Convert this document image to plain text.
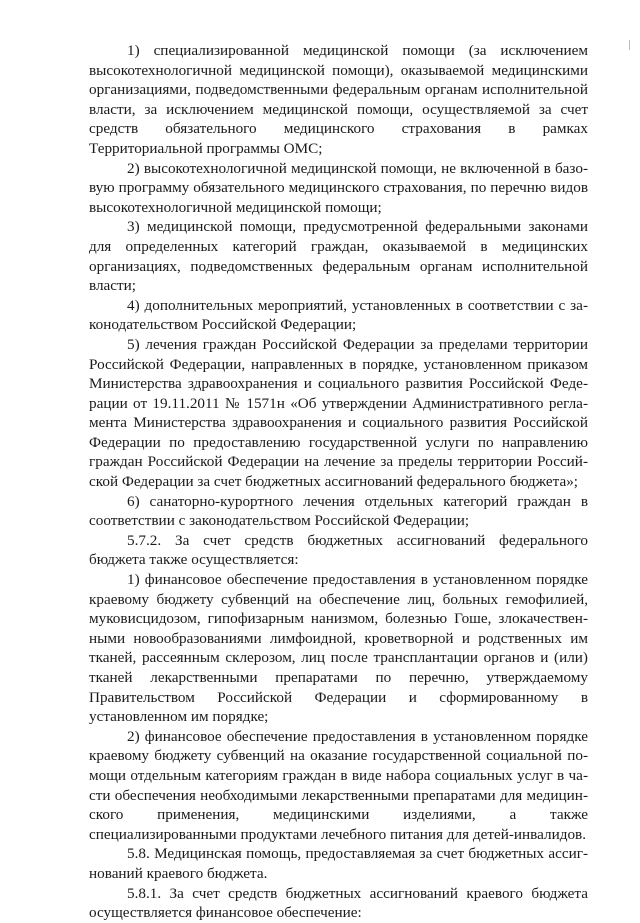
1) специализированной медицинской помощи (за исключением высокотехнологичной медицинской помощи), оказываемой медицинскими организациями, подведомственными федеральным органам исполнительной власти, за исключением медицинской помощи, осуществляемой за счет средств обязательного медицинского страхования в рамках Территориальной программы ОМС;

2) высокотехнологичной медицинской помощи, не включенной в базовую программу обязательного медицинского страхования, по перечню видов высокотехнологичной медицинской помощи;

3) медицинской помощи, предусмотренной федеральными законами для определенных категорий граждан, оказываемой в медицинских организациях, подведомственных федеральным органам исполнительной власти;

4) дополнительных мероприятий, установленных в соответствии с законодательством Российской Федерации;

5) лечения граждан Российской Федерации за пределами территории Российской Федерации, направленных в порядке, установленном приказом Министерства здравоохранения и социального развития Российской Федерации от 19.11.2011 № 1571н «Об утверждении Административного регламента Министерства здравоохранения и социального развития Российской Федерации по предоставлению государственной услуги по направлению граждан Российской Федерации на лечение за пределы территории Российской Федерации за счет бюджетных ассигнований федерального бюджета»;

6) санаторно-курортного лечения отдельных категорий граждан в соответствии с законодательством Российской Федерации;

5.7.2. За счет средств бюджетных ассигнований федерального бюджета также осуществляется:

1) финансовое обеспечение предоставления в установленном порядке краевому бюджету субвенций на обеспечение лиц, больных гемофилией, муковисцидозом, гипофизарным нанизмом, болезнью Гоше, злокачественными новообразованиями лимфоидной, кроветворной и родственных им тканей, рассеянным склерозом, лиц после трансплантации органов и (или) тканей лекарственными препаратами по перечню, утверждаемому Правительством Российской Федерации и сформированному в установленном им порядке;

2) финансовое обеспечение предоставления в установленном порядке краевому бюджету субвенций на оказание государственной социальной помощи отдельным категориям граждан в виде набора социальных услуг в части обеспечения необходимыми лекарственными препаратами для медицинского применения, медицинскими изделиями, а также специализированными продуктами лечебного питания для детей-инвалидов.

5.8. Медицинская помощь, предоставляемая за счет бюджетных ассигнований краевого бюджета.

5.8.1. За счет средств бюджетных ассигнований краевого бюджета осуществляется финансовое обеспечение:
